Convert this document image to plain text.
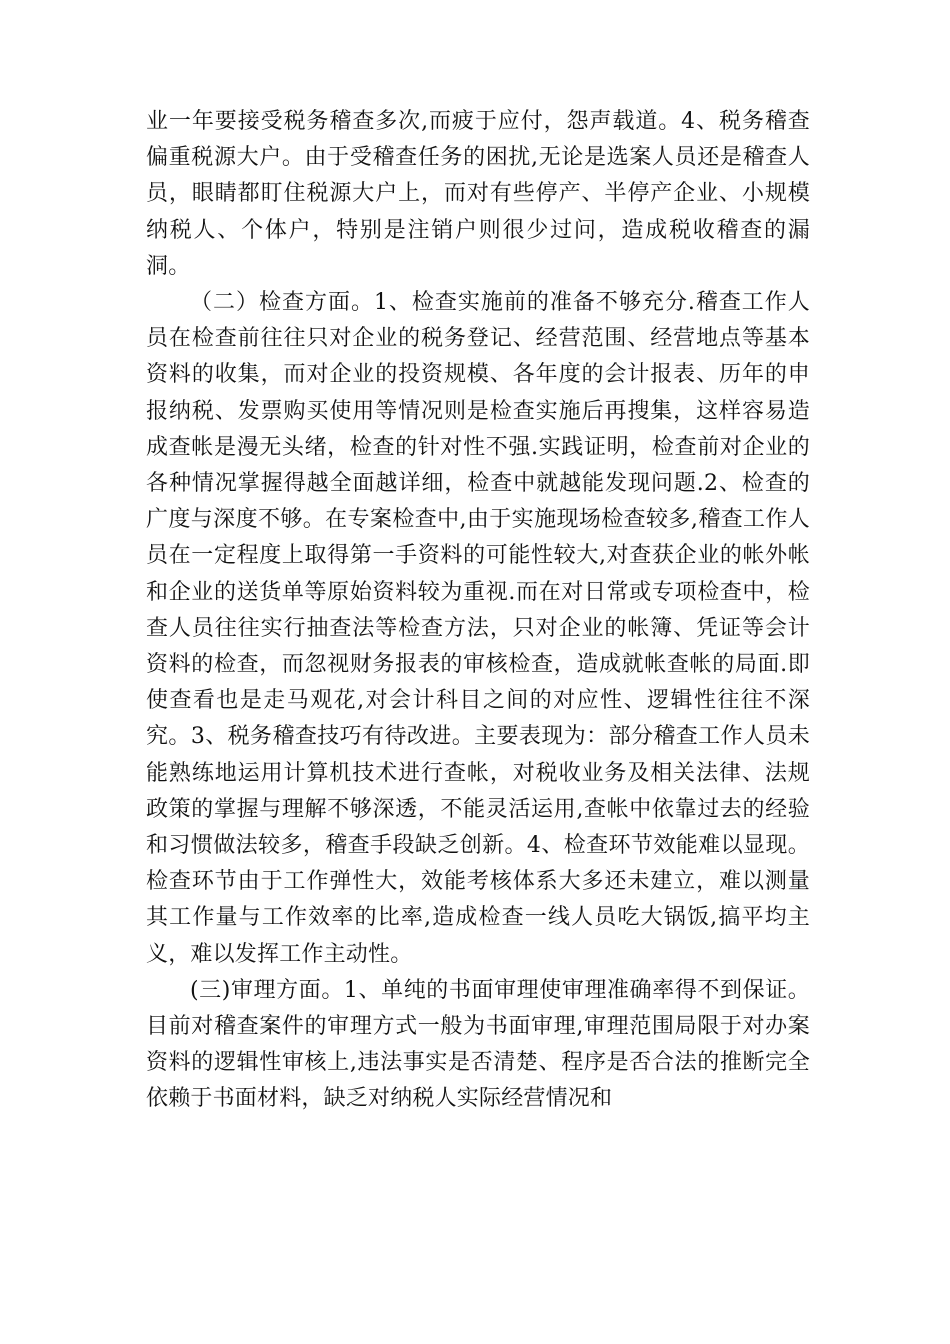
业一年要接受税务稽查多次,而疲于应付，怨声载道。4、税务稽查偏重税源大户。由于受稽查任务的困扰,无论是选案人员还是稽查人员，眼睛都盯住税源大户上，而对有些停产、半停产企业、小规模纳税人、个体户，特别是注销户则很少过问，造成税收稽查的漏洞。

（二）检查方面。1、检查实施前的准备不够充分.稽查工作人员在检查前往往只对企业的税务登记、经营范围、经营地点等基本资料的收集，而对企业的投资规模、各年度的会计报表、历年的申报纳税、发票购买使用等情况则是检查实施后再搜集，这样容易造成查帐是漫无头绪，检查的针对性不强.实践证明，检查前对企业的各种情况掌握得越全面越详细，检查中就越能发现问题.2、检查的广度与深度不够。在专案检查中,由于实施现场检查较多,稽查工作人员在一定程度上取得第一手资料的可能性较大,对查获企业的帐外帐和企业的送货单等原始资料较为重视.而在对日常或专项检查中，检查人员往往实行抽查法等检查方法，只对企业的帐簿、凭证等会计资料的检查，而忽视财务报表的审核检查，造成就帐查帐的局面.即使查看也是走马观花,对会计科目之间的对应性、逻辑性往往不深究。3、税务稽查技巧有待改进。主要表现为：部分稽查工作人员未能熟练地运用计算机技术进行查帐，对税收业务及相关法律、法规政策的掌握与理解不够深透，不能灵活运用,查帐中依靠过去的经验和习惯做法较多，稽查手段缺乏创新。4、检查环节效能难以显现。检查环节由于工作弹性大，效能考核体系大多还未建立，难以测量其工作量与工作效率的比率,造成检查一线人员吃大锅饭,搞平均主义，难以发挥工作主动性。

(三)审理方面。1、单纯的书面审理使审理准确率得不到保证。目前对稽查案件的审理方式一般为书面审理,审理范围局限于对办案资料的逻辑性审核上,违法事实是否清楚、程序是否合法的推断完全依赖于书面材料，缺乏对纳税人实际经营情况和
